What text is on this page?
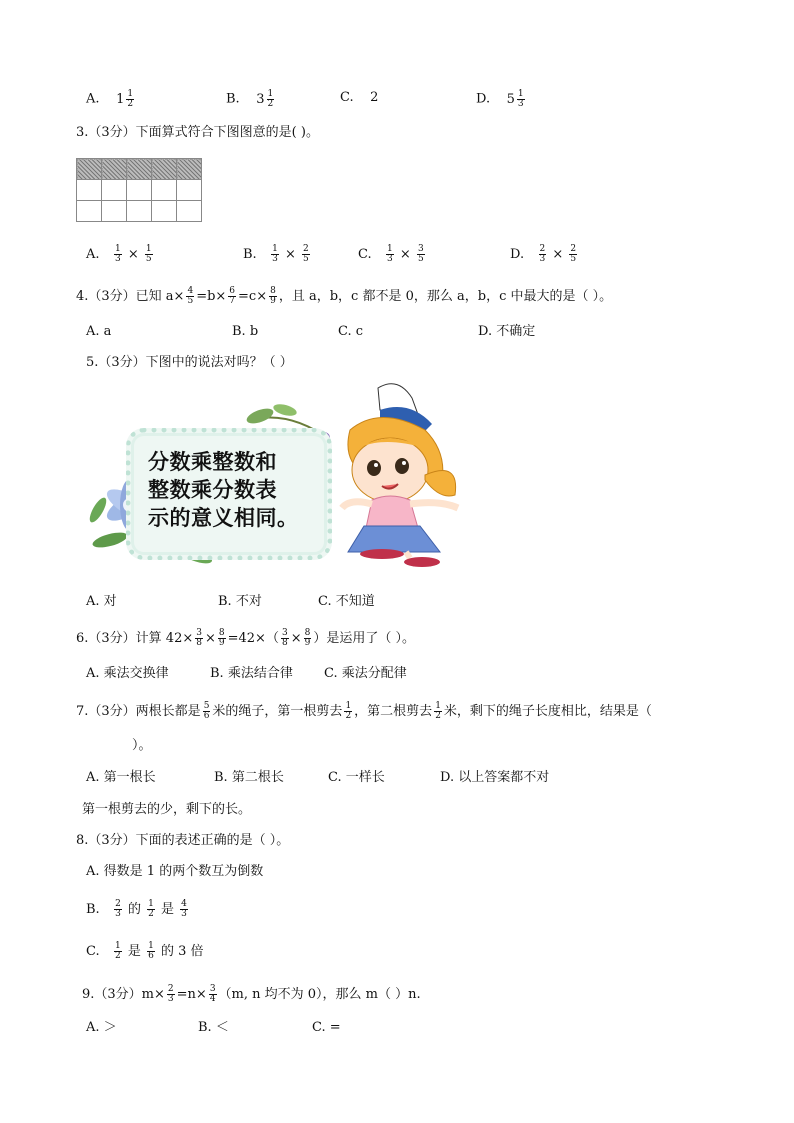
A. $1 \frac{1}{2}$	B. $3 \frac{1}{2}$	C. 2	D. $5 \frac{1}{3}$
3.（3分）下面算式符合下图图意的是( )。

A. $\frac{1}{3} \times \frac{1}{5}$	B. $\frac{1}{3} \times \frac{2}{5}$	C. $\frac{1}{3} \times \frac{3}{5}$	D. $\frac{2}{3} \times \frac{2}{5}$
4.（3分）已知 $a\times \frac{4}{5} =b\times \frac{6}{7} =c\times \frac{8}{9}$ ，且 a，b，c 都不是 0，那么 a，b，c 中最大的是（ ）。
A. a	B. b	C. c	D. 不确定
5.（3分）下图中的说法对吗？（ ）
分数乘整数和
整数乘分数表
示的意义相同。
A. 对	B. 不对	C. 不知道
6.（3分）计算 $42\times \frac{3}{8} \times \frac{8}{9} =42\times( \frac{3}{8} \times \frac{8}{9}$ ）是运用了（ ）。
A. 乘法交换律	B. 乘法结合律 C. 乘法分配律
7.（3分）两根长都是 $\frac{5}{6}$ 米的绳子，第一根剪去 $\frac{1}{2}$ ，第二根剪去 $\frac{1}{2}$ 米，剩下的绳子长度相比，结果是（
）。
A. 第一根长	B. 第二根长	C. 一样长	D. 以上答案都不对
第一根剪去的少，剩下的长。
8.（3分）下面的表述正确的是（ ）。
A. 得数是 1 的两个数互为倒数
B. $\frac{2}{3}$ 的 $\frac{1}{2}$ 是 $\frac{4}{3}$
C. $\frac{1}{2}$ 是 $\frac{1}{6}$ 的 3 倍
9.（3分）$m\times \frac{2}{3} =n\times \frac{3}{4} (m$, n 均不为 0），那么 m（ ）n.
A. ＞	B. ＜	C. =
